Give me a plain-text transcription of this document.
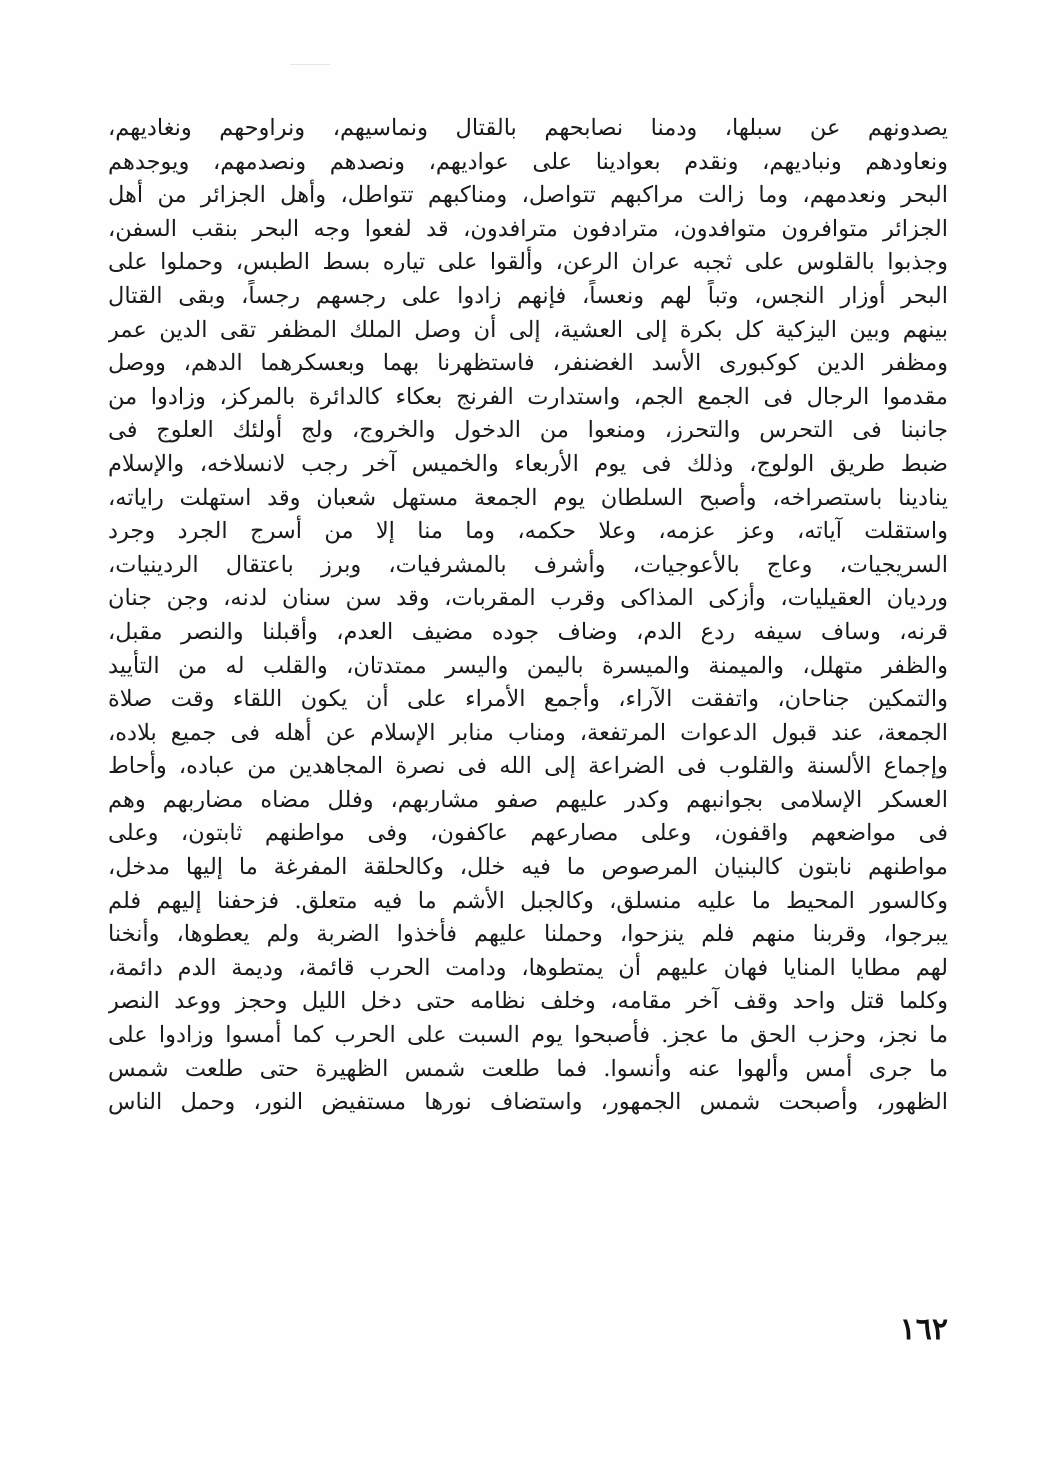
يصدونهم عن سبلها، ودمنا نصابحهم بالقتال ونماسيهم، ونراوحهم ونغاديهم،
ونعاودهم ونباديهم، ونقدم بعوادينا على عواديهم، ونصدهم ونصدمهم، ويوجدهم
البحر ونعدمهم، وما زالت مراكبهم تتواصل، ومناكبهم تتواطل، وأهل الجزائر من أهل
الجزائر متوافرون متوافدون، مترادفون مترافدون، قد لفعوا وجه البحر بنقب السفن،
وجذبوا بالقلوس على ثجبه عران الرعن، وألقوا على تياره بسط الطبس، وحملوا على
البحر أوزار النجس، وتباً لهم ونعساً، فإنهم زادوا على رجسهم رجساً، وبقى القتال
بينهم وبين اليزكية كل بكرة إلى العشية، إلى أن وصل الملك المظفر تقى الدين عمر
ومظفر الدين كوكبورى الأسد الغضنفر، فاستظهرنا بهما وبعسكرهما الدهم، ووصل
مقدموا الرجال فى الجمع الجم، واستدارت الفرنج بعكاء كالدائرة بالمركز، وزادوا من
جانبنا فى التحرس والتحرز، ومنعوا من الدخول والخروج، ولج أولئك العلوج فى
ضبط طريق الولوج، وذلك فى يوم الأربعاء والخميس آخر رجب لانسلاخه، والإسلام
ينادينا باستصراخه، وأصبح السلطان يوم الجمعة مستهل شعبان وقد استهلت راياته،
واستقلت آياته، وعز عزمه، وعلا حكمه، وما منا إلا من أسرج الجرد وجرد
السريجيات، وعاج بالأعوجيات، وأشرف بالمشرفيات، وبرز باعتقال الردينيات،
ورديان العقيليات، وأزكى المذاكى وقرب المقربات، وقد سن سنان لدنه، وجن جنان
قرنه، وساف سيفه ردع الدم، وضاف جوده مضيف العدم، وأقبلنا والنصر مقبل،
والظفر متهلل، والميمنة والميسرة باليمن واليسر ممتدتان، والقلب له من التأييد
والتمكين جناحان، واتفقت الآراء، وأجمع الأمراء على أن يكون اللقاء وقت صلاة
الجمعة، عند قبول الدعوات المرتفعة، ومناب منابر الإسلام عن أهله فى جميع بلاده،
وإجماع الألسنة والقلوب فى الضراعة إلى الله فى نصرة المجاهدين من عباده، وأحاط
العسكر الإسلامى بجوانبهم وكدر عليهم صفو مشاربهم، وفلل مضاه مضاربهم وهم
فى مواضعهم واقفون، وعلى مصارعهم عاكفون، وفى مواطنهم ثابتون، وعلى
مواطنهم نابتون كالبنيان المرصوص ما فيه خلل، وكالحلقة المفرغة ما إليها مدخل،
وكالسور المحيط ما عليه منسلق، وكالجبل الأشم ما فيه متعلق. فزحفنا إليهم فلم
يبرجوا، وقربنا منهم فلم ينزحوا، وحملنا عليهم فأخذوا الضربة ولم يعطوها، وأنخنا
لهم مطايا المنايا فهان عليهم أن يمتطوها، ودامت الحرب قائمة، وديمة الدم دائمة،
وكلما قتل واحد وقف آخر مقامه، وخلف نظامه حتى دخل الليل وحجز ووعد النصر
ما نجز، وحزب الحق ما عجز. فأصبحوا يوم السبت على الحرب كما أمسوا وزادوا على
ما جرى أمس وألهوا عنه وأنسوا. فما طلعت شمس الظهيرة حتى طلعت شمس
الظهور، وأصبحت شمس الجمهور، واستضاف نورها مستفيض النور، وحمل الناس
١٦٢
